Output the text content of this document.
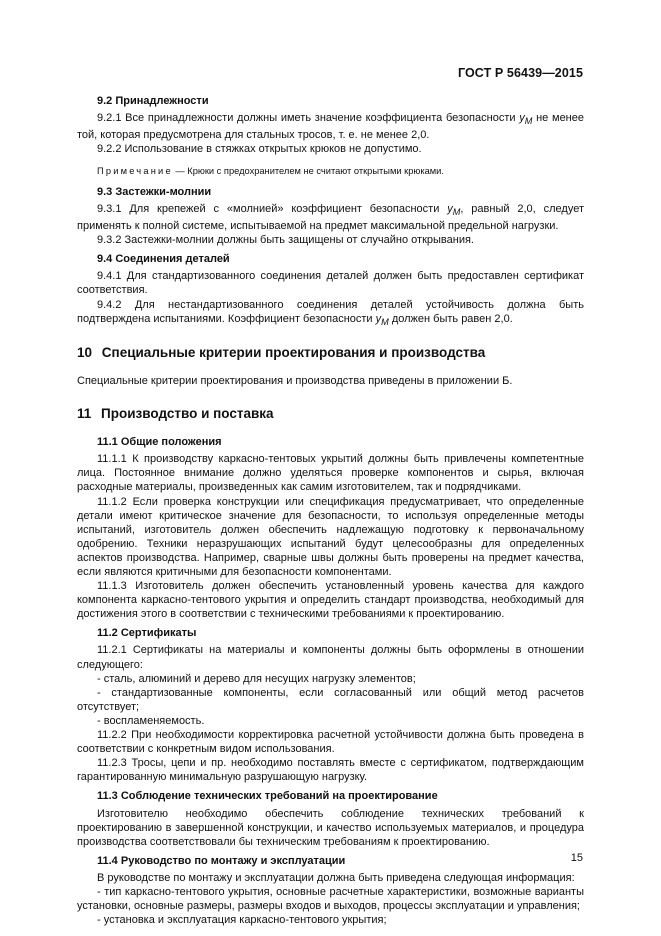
ГОСТ Р 56439—2015
9.2 Принадлежности

9.2.1 Все принадлежности должны иметь значение коэффициента безопасности $y_M$ не менее той, которая предусмотрена для стальных тросов, т. е. не менее 2,0.

9.2.2 Использование в стяжках открытых крюков не допустимо.

Примечание — Крюки с предохранителем не считают открытыми крюками.

9.3 Застежки-молнии

9.3.1 Для крепежей с «молнией» коэффициент безопасности $y_M$, равный 2,0, следует применять к полной системе, испытываемой на предмет максимальной предельной нагрузки.

9.3.2 Застежки-молнии должны быть защищены от случайно открывания.

9.4 Соединения деталей

9.4.1 Для стандартизованного соединения деталей должен быть предоставлен сертификат соответствия.

9.4.2 Для нестандартизованного соединения деталей устойчивость должна быть подтверждена испытаниями. Коэффициент безопасности $y_M$ должен быть равен 2,0.

10 Специальные критерии проектирования и производства

Специальные критерии проектирования и производства приведены в приложении Б.

11 Производство и поставка
11.1 Общие положения

11.1.1 К производству каркасно-тентовых укрытий должны быть привлечены компетентные лица. Постоянное внимание должно уделяться проверке компонентов и сырья, включая расходные материалы, произведенных как самим изготовителем, так и подрядчиками.

11.1.2 Если проверка конструкции или спецификация предусматривает, что определенные детали имеют критическое значение для безопасности, то используя определенные методы испытаний, изготовитель должен обеспечить надлежащую подготовку к первоначальному одобрению. Техники неразрушающих испытаний будут целесообразны для определенных аспектов производства. Например, сварные швы должны быть проверены на предмет качества, если являются критичными для безопасности компонентами.

11.1.3 Изготовитель должен обеспечить установленный уровень качества для каждого компонента каркасно-тентового укрытия и определить стандарт производства, необходимый для достижения этого в соответствии с техническими требованиями к проектированию.

11.2 Сертификаты

11.2.1 Сертификаты на материалы и компоненты должны быть оформлены в отношении следующего:

- сталь, алюминий и дерево для несущих нагрузку элементов;

- стандартизованные компоненты, если согласованный или общий метод расчетов отсутствует;

- воспламеняемость.

11.2.2 При необходимости корректировка расчетной устойчивости должна быть проведена в соответствии с конкретным видом использования.

11.2.3 Тросы, цепи и пр. необходимо поставлять вместе с сертификатом, подтверждающим гарантированную минимальную разрушающую нагрузку.

11.3 Соблюдение технических требований на проектирование

Изготовителю необходимо обеспечить соблюдение технических требований к проектированию в завершенной конструкции, и качество используемых материалов, и процедура производства соответствовали бы техническим требованиям к проектированию.

11.4 Руководство по монтажу и эксплуатации

В руководстве по монтажу и эксплуатации должна быть приведена следующая информация:

- тип каркасно-тентового укрытия, основные расчетные характеристики, возможные варианты установки, основные размеры, размеры входов и выходов, процессы эксплуатации и управления;

- установка и эксплуатация каркасно-тентового укрытия;

15
